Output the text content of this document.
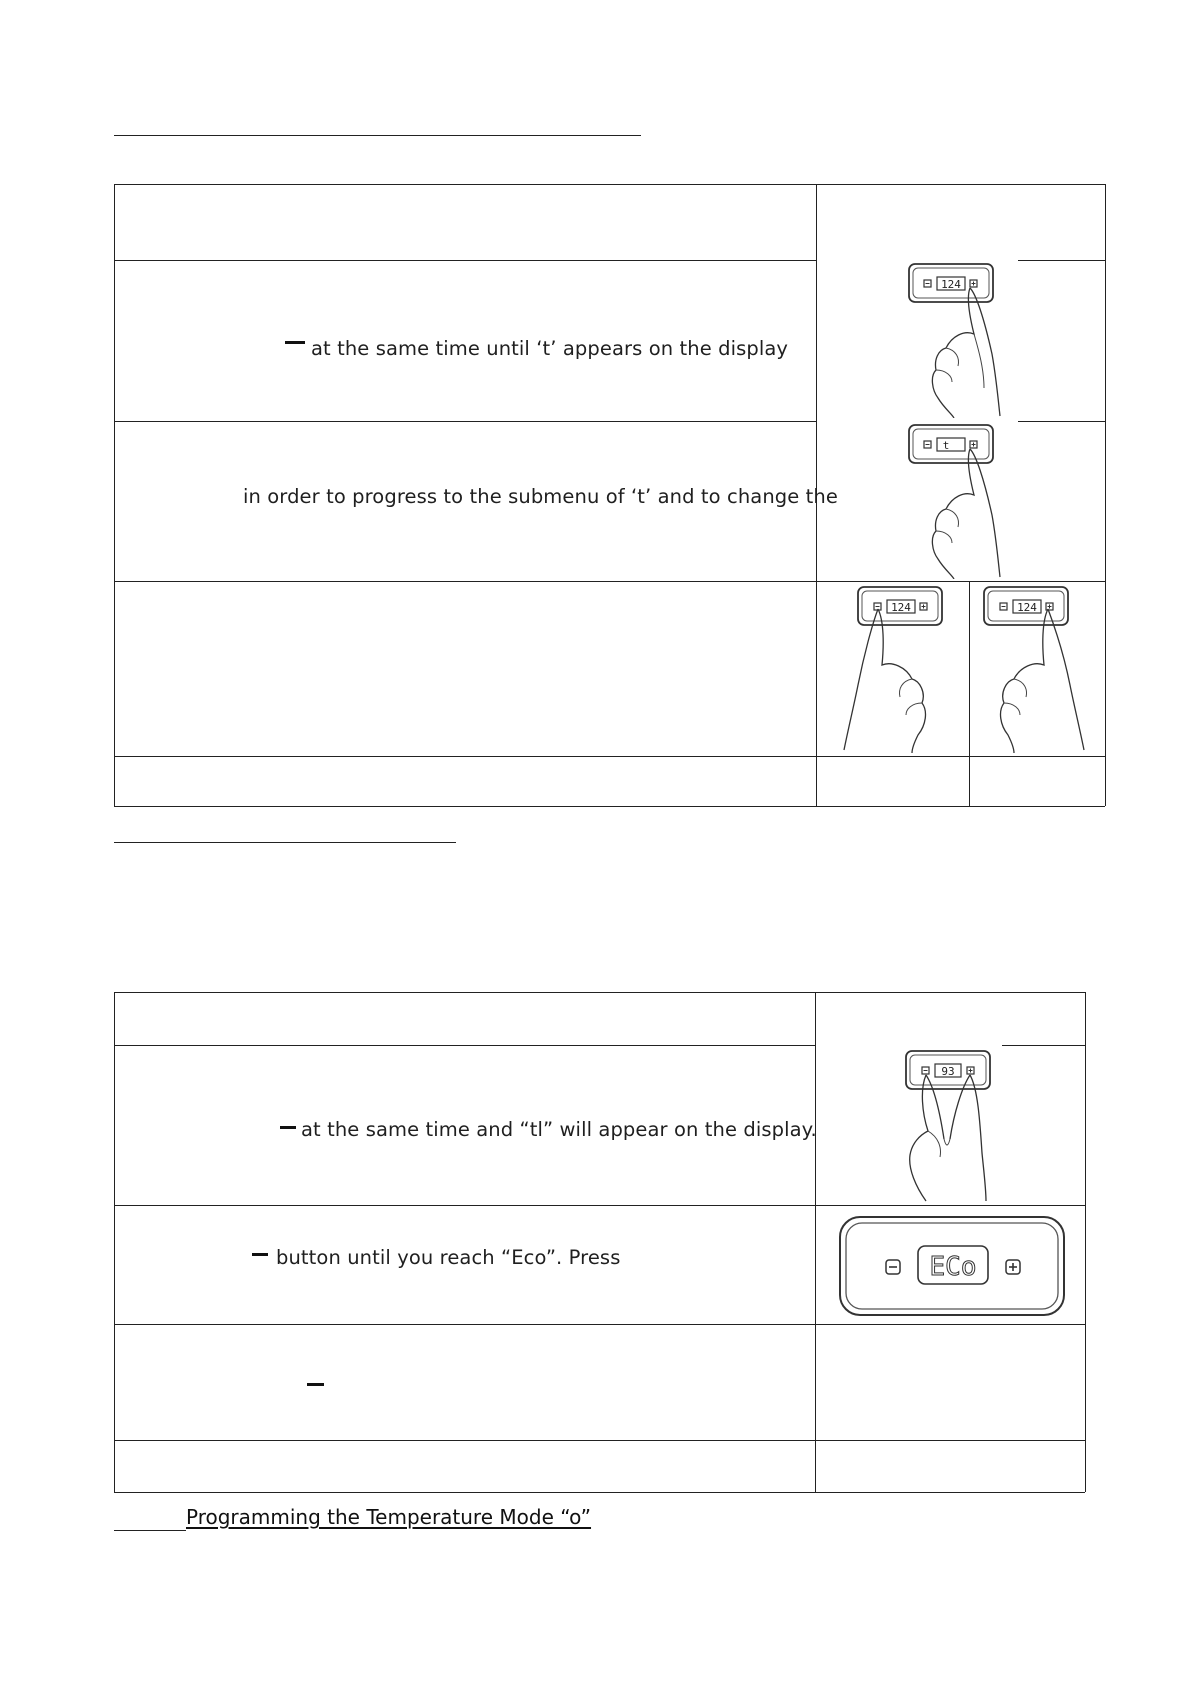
at the same time until ‘t’ appears on the display
in order to progress to the submenu of ‘t’ and to change the
124
t
124	124
at the same time and “tl” will appear on the display.
button until you reach “Eco”. Press
93
ECo
Programming the Temperature Mode “o”
